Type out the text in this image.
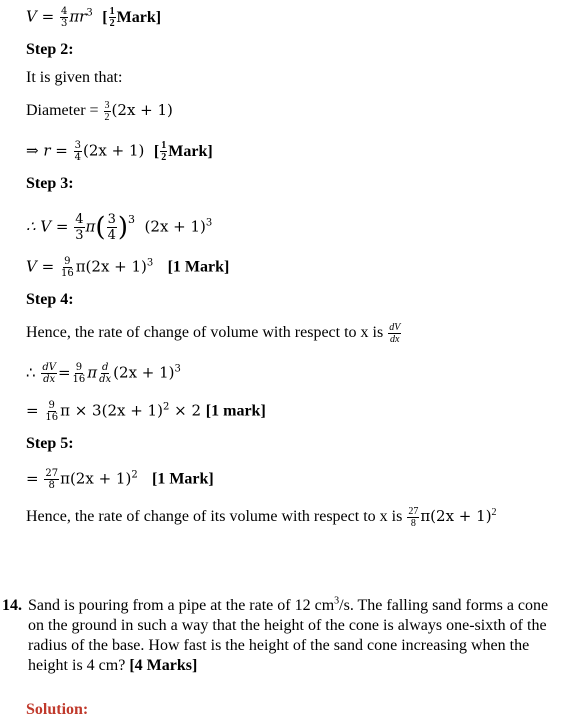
$V = \frac{4}{3} \pi r^3$ [ $\frac{1}{2}$ Mark]
Step 2:
It is given that:
Diameter = $\frac{3}{2} (2x + 1)$
⇒ $r = \frac{3}{4} (2x + 1)$ [ $\frac{1}{2}$ Mark]
Step 3:
∴ $V = \frac{4}{3} \pi( \frac{3}{4} )^3$ $(2x + 1)^3$
$V = \frac{9}{16} \pi(2x + 1)^3$ [1 Mark]
Step 4:
Hence, the rate of change of volume with respect to x is $\frac{dV}{dx}$
∴ $\frac{dV}{dx} = \frac{9}{16}$ π $\frac{d}{dx} (2x + 1)^3$
= $\frac{9}{16}$ $\pi \times 3(2x + 1)^2 \times 2$ [1 mark]
Step 5:
= $\frac{27}{8} \pi(2x + 1)^2$ [1 Mark]
Hence, the rate of change of its volume with respect to x is $\frac{27}{8} \pi(2x + 1)^2$
14. Sand is pouring from a pipe at the rate of 12 $cm^3/s$. The falling sand forms a cone on the ground in such a way that the height of the cone is always one-sixth of the radius of the base. How fast is the height of the sand cone increasing when the height is 4 cm? [4 Marks]
Solution:
